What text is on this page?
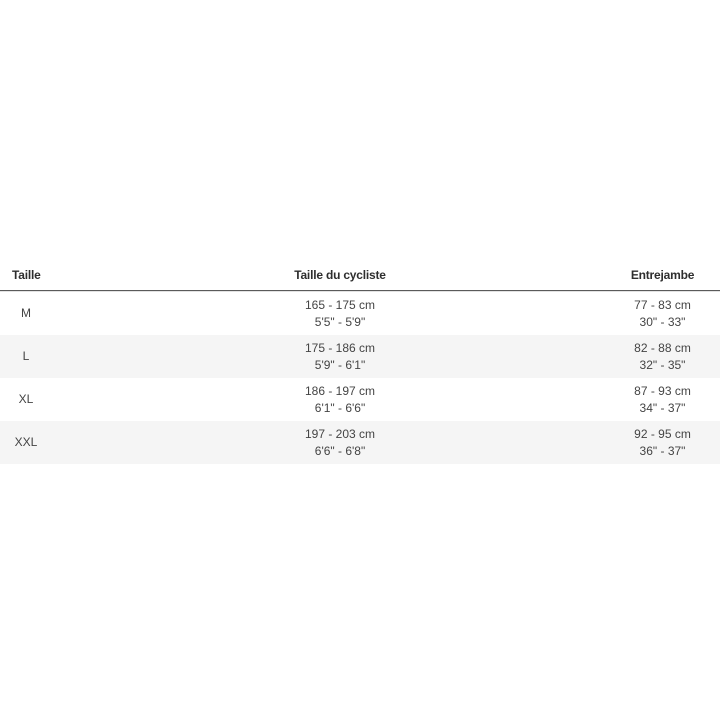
Taille	Taille du cycliste	Entrejambe
M
165 - 175 cm
5'5" - 5'9"
77 - 83 cm
30" - 33"
L
175 - 186 cm
5'9" - 6'1"
82 - 88 cm
32" - 35"
XL
186 - 197 cm
6'1" - 6'6"
87 - 93 cm
34" - 37"
XXL
197 - 203 cm
6'6" - 6'8"
92 - 95 cm
36" - 37"
